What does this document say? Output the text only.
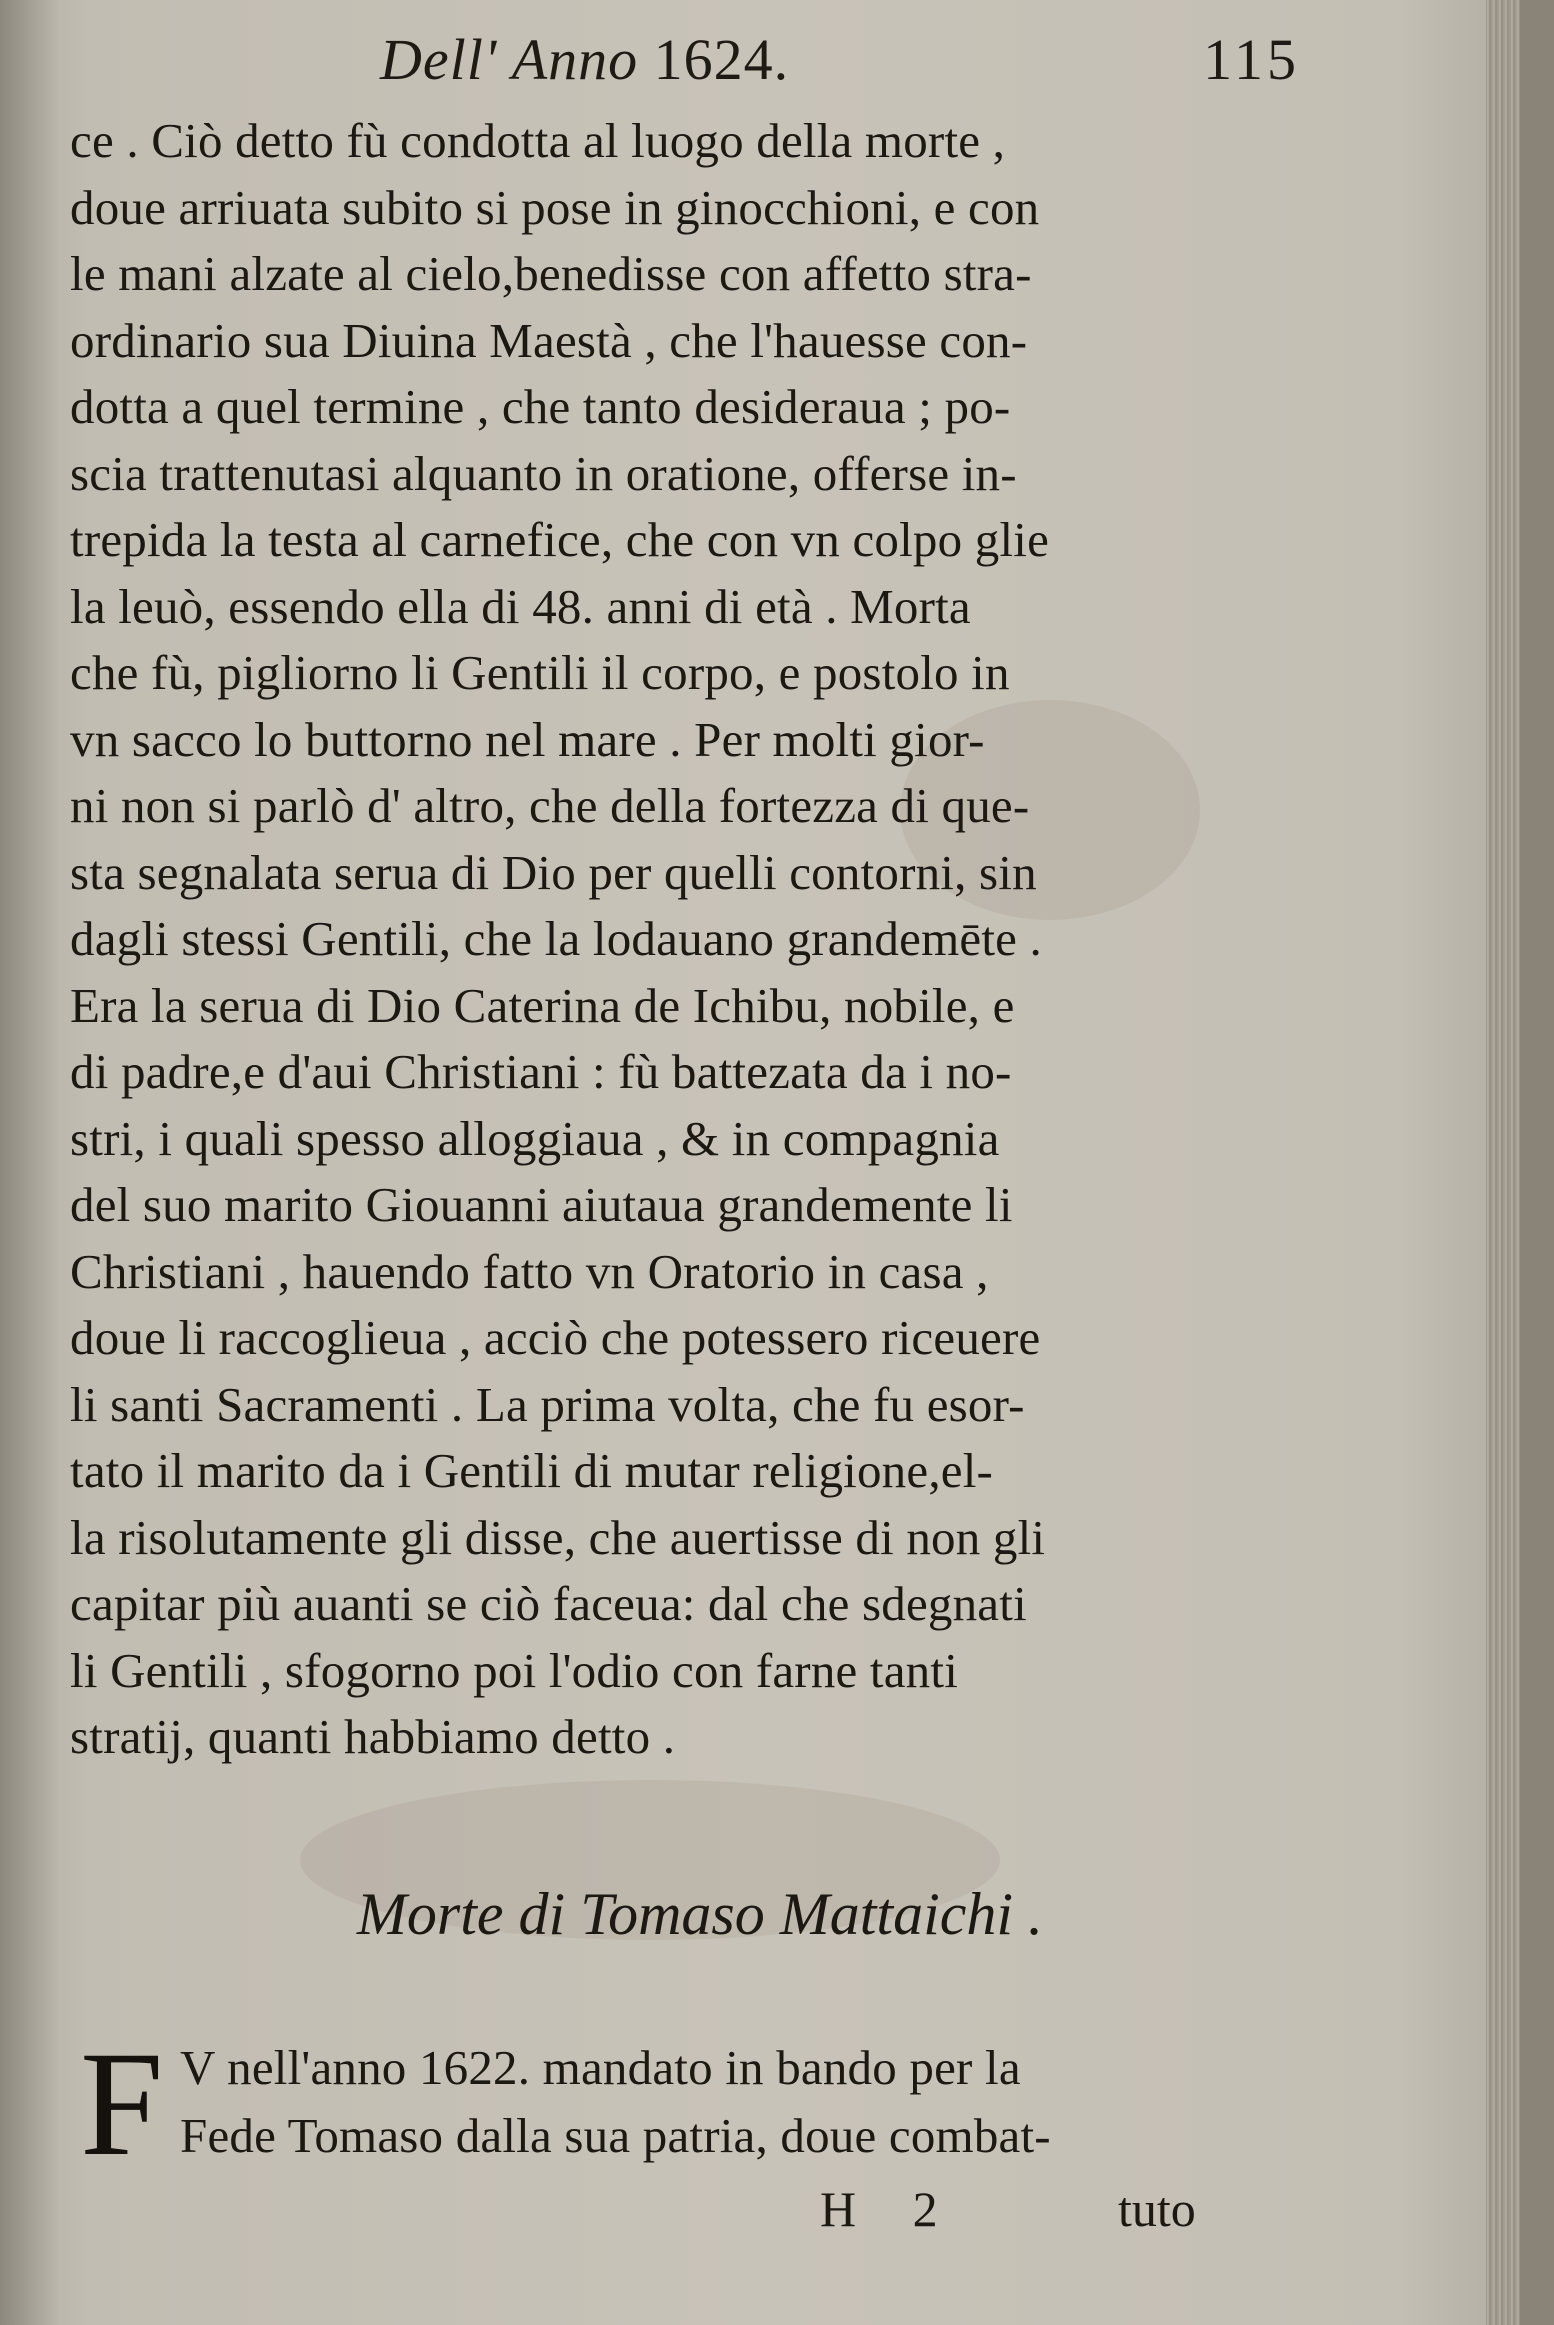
Dell' Anno 1624.	115
ce . Ciò detto fù condotta al luogo della morte ,
doue arriuata subito si pose in ginocchioni, e con
le mani alzate al cielo,benedisse con affetto stra-
ordinario sua Diuina Maestà , che l'hauesse con-
dotta a quel termine , che tanto desideraua ; po-
scia trattenutasi alquanto in oratione, offerse in-
trepida la testa al carnefice, che con vn colpo glie
la leuò, essendo ella di 48. anni di età . Morta
che fù, pigliorno li Gentili il corpo, e postolo in
vn sacco lo buttorno nel mare . Per molti gior-
ni non si parlò d' altro, che della fortezza di que-
sta segnalata serua di Dio per quelli contorni, sin
dagli stessi Gentili, che la lodauano grandemēte .
Era la serua di Dio Caterina de Ichibu, nobile, e
di padre,e d'aui Christiani : fù battezata da i no-
stri, i quali spesso alloggiaua , & in compagnia
del suo marito Giouanni aiutaua grandemente li
Christiani , hauendo fatto vn Oratorio in casa ,
doue li raccoglieua , acciò che potessero riceuere
li santi Sacramenti . La prima volta, che fu esor-
tato il marito da i Gentili di mutar religione,el-
la risolutamente gli disse, che auertisse di non gli
capitar più auanti se ciò faceua: dal che sdegnati
li Gentili , sfogorno poi l'odio con farne tanti
stratij, quanti habbiamo detto .
Morte di Tomaso Mattaichi .
F V nell'anno 1622. mandato in bando per la
Fede Tomaso dalla sua patria, doue combat-
H 2	tuto
